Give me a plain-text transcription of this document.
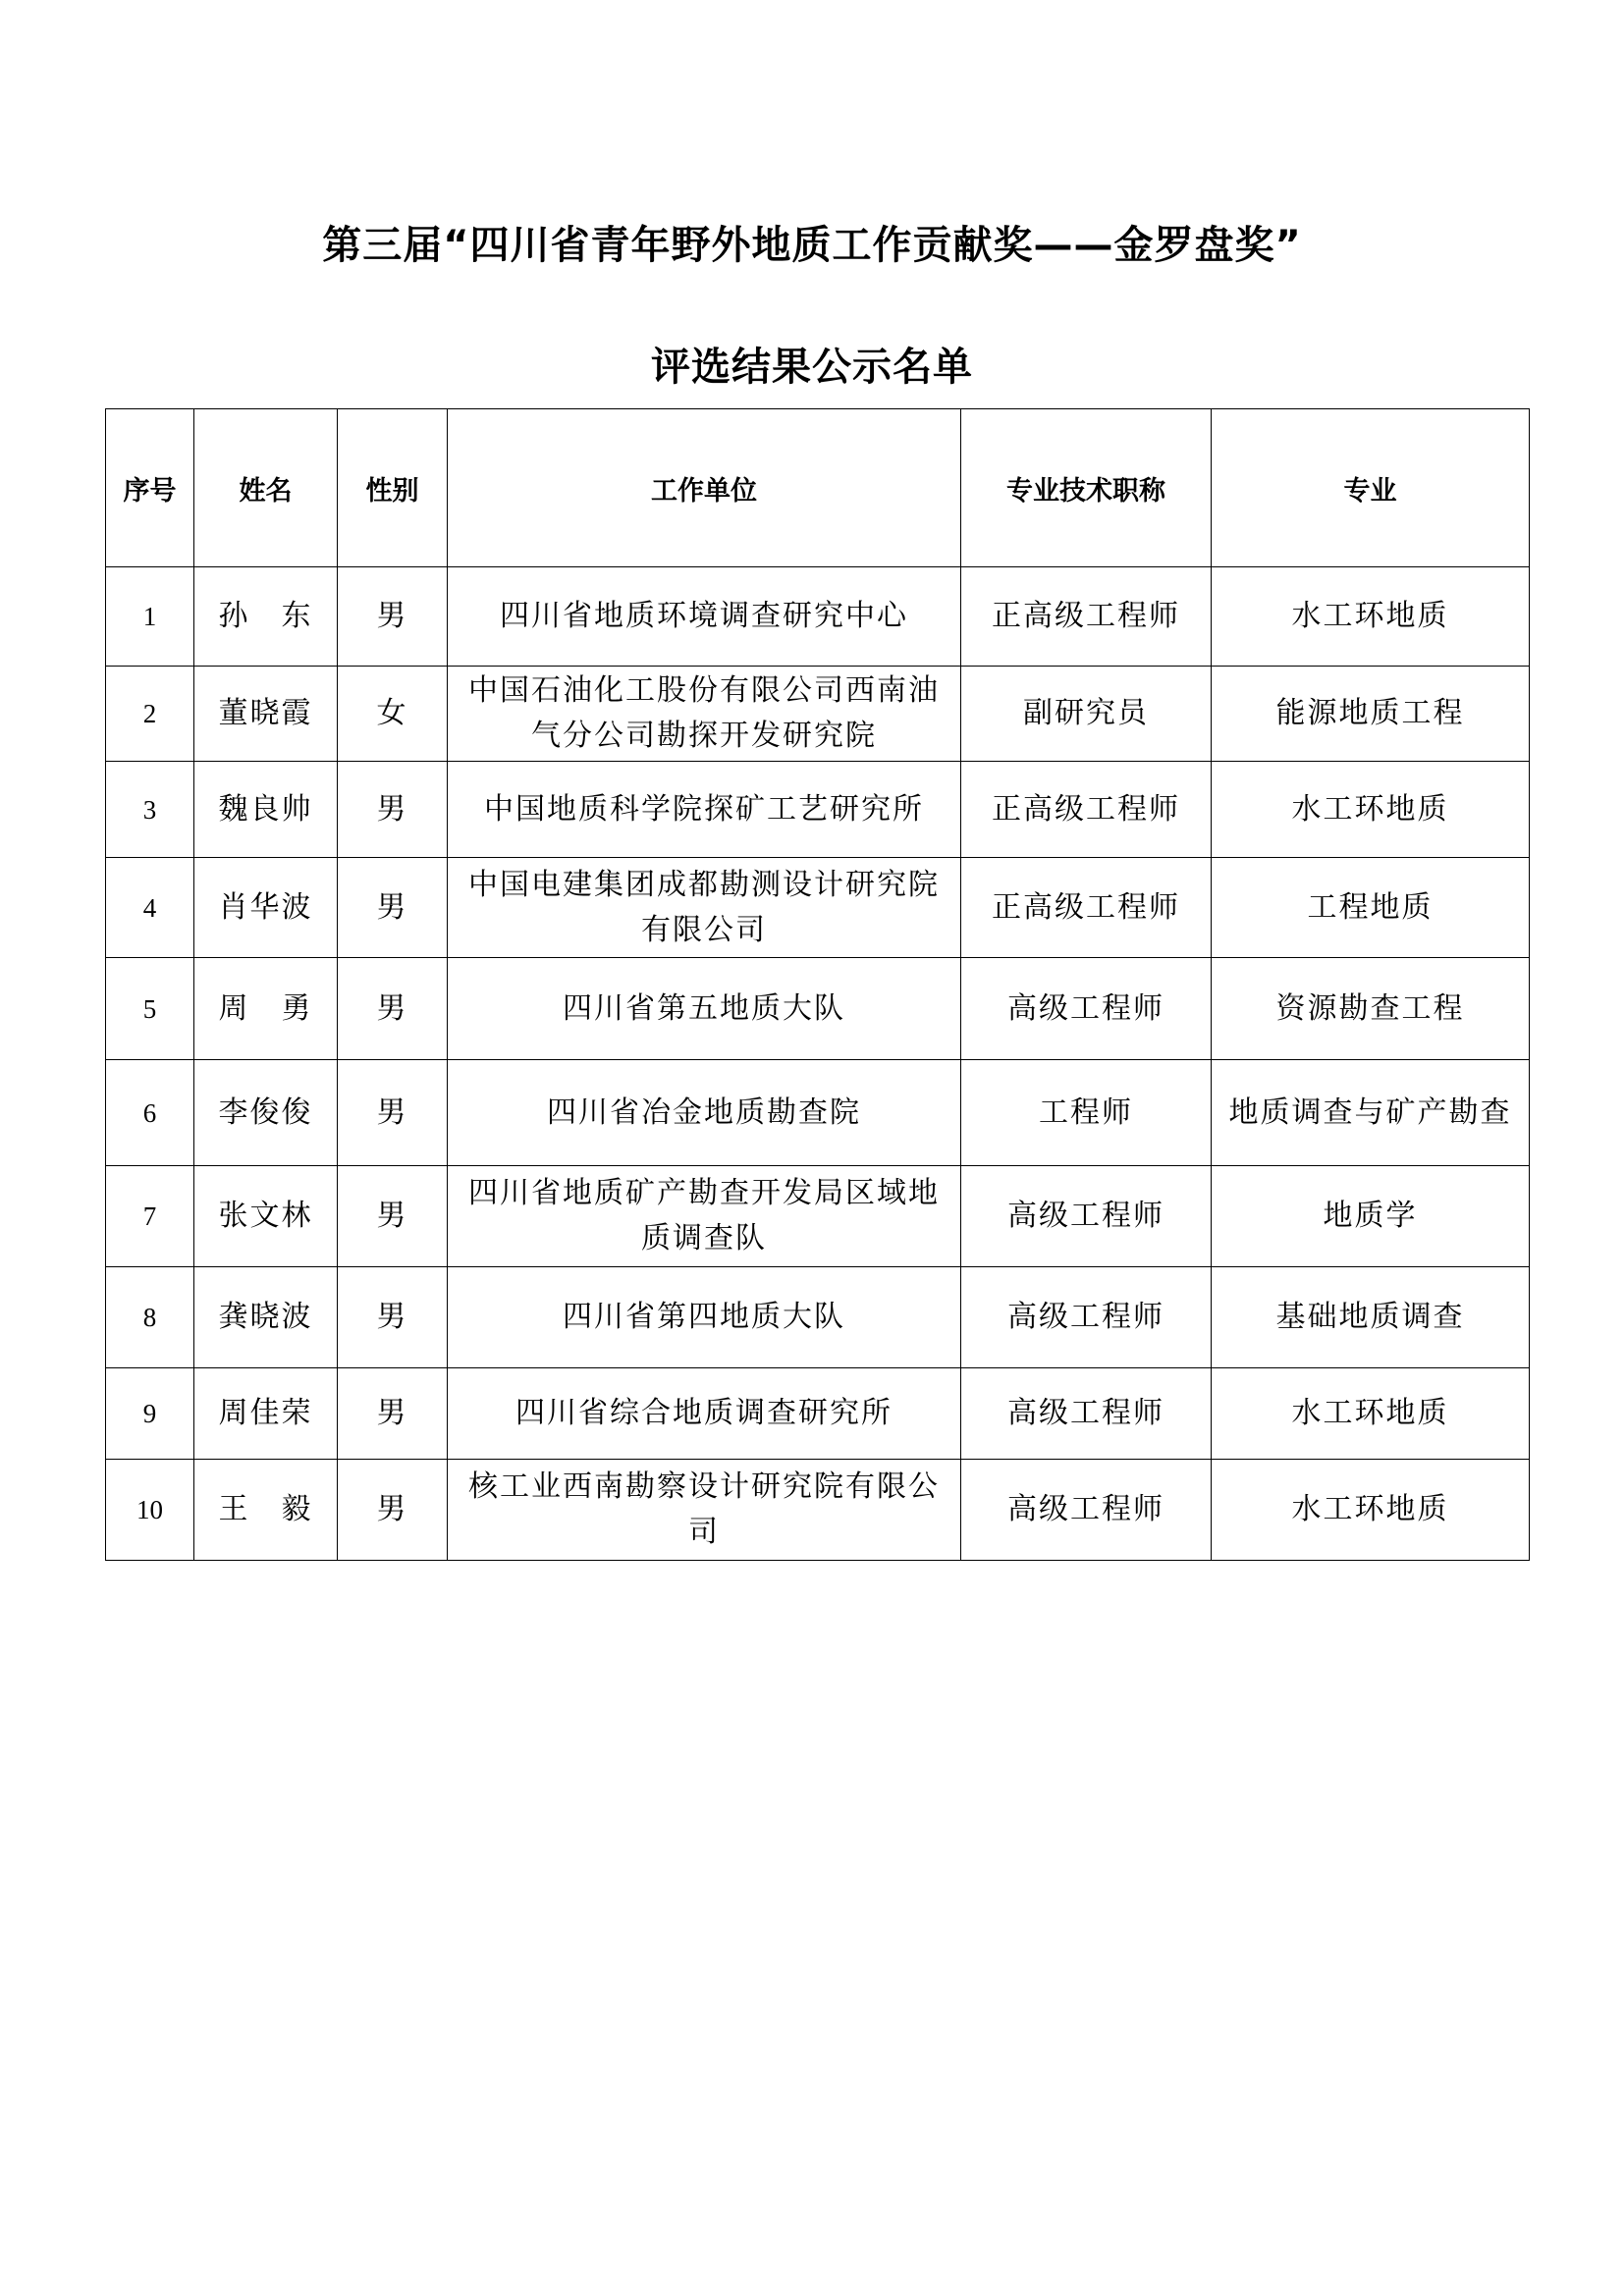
第三届“四川省青年野外地质工作贡献奖——金罗盘奖”
评选结果公示名单
序号	姓名	性别	工作单位	专业技术职称	专业
1	孙　东	男	四川省地质环境调查研究中心	正高级工程师	水工环地质
2	董晓霞	女	中国石油化工股份有限公司西南油气分公司勘探开发研究院	副研究员	能源地质工程
3	魏良帅	男	中国地质科学院探矿工艺研究所	正高级工程师	水工环地质
4	肖华波	男	中国电建集团成都勘测设计研究院有限公司	正高级工程师	工程地质
5	周　勇	男	四川省第五地质大队	高级工程师	资源勘查工程
6	李俊俊	男	四川省冶金地质勘查院	工程师	地质调查与矿产勘查
7	张文林	男	四川省地质矿产勘查开发局区域地质调查队	高级工程师	地质学
8	龚晓波	男	四川省第四地质大队	高级工程师	基础地质调查
9	周佳荣	男	四川省综合地质调查研究所	高级工程师	水工环地质
10	王　毅	男	核工业西南勘察设计研究院有限公司	高级工程师	水工环地质
